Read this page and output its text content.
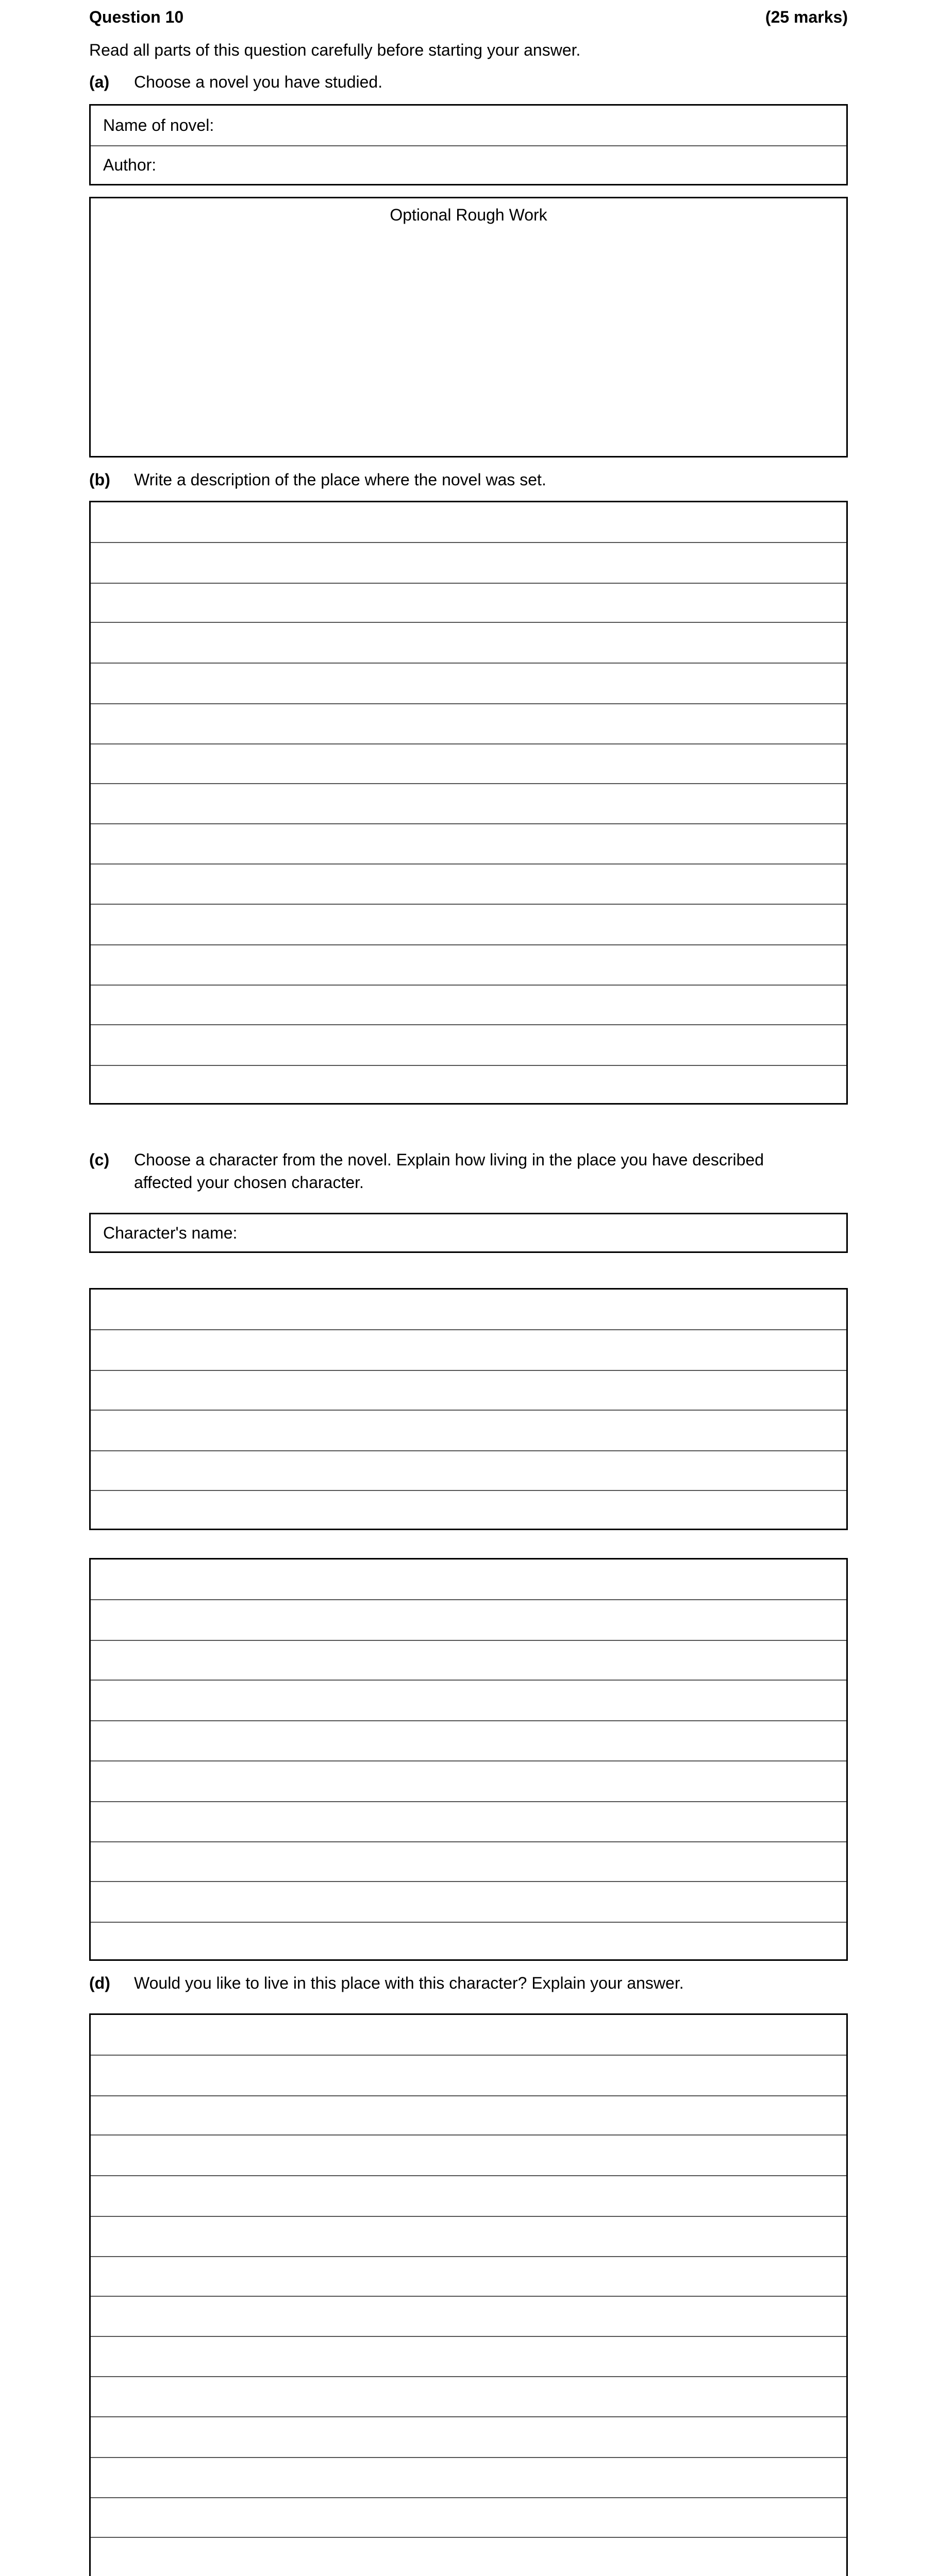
Question 10	(25 marks)
Read all parts of this question carefully before starting your answer.
(a) Choose a novel you have studied.
Name of novel:
Author:
Optional Rough Work
(b) Write a description of the place where the novel was set.
(c) Choose a character from the novel. Explain how living in the place you have described
affected your chosen character.
Character's name:
(d) Would you like to live in this place with this character? Explain your answer.
